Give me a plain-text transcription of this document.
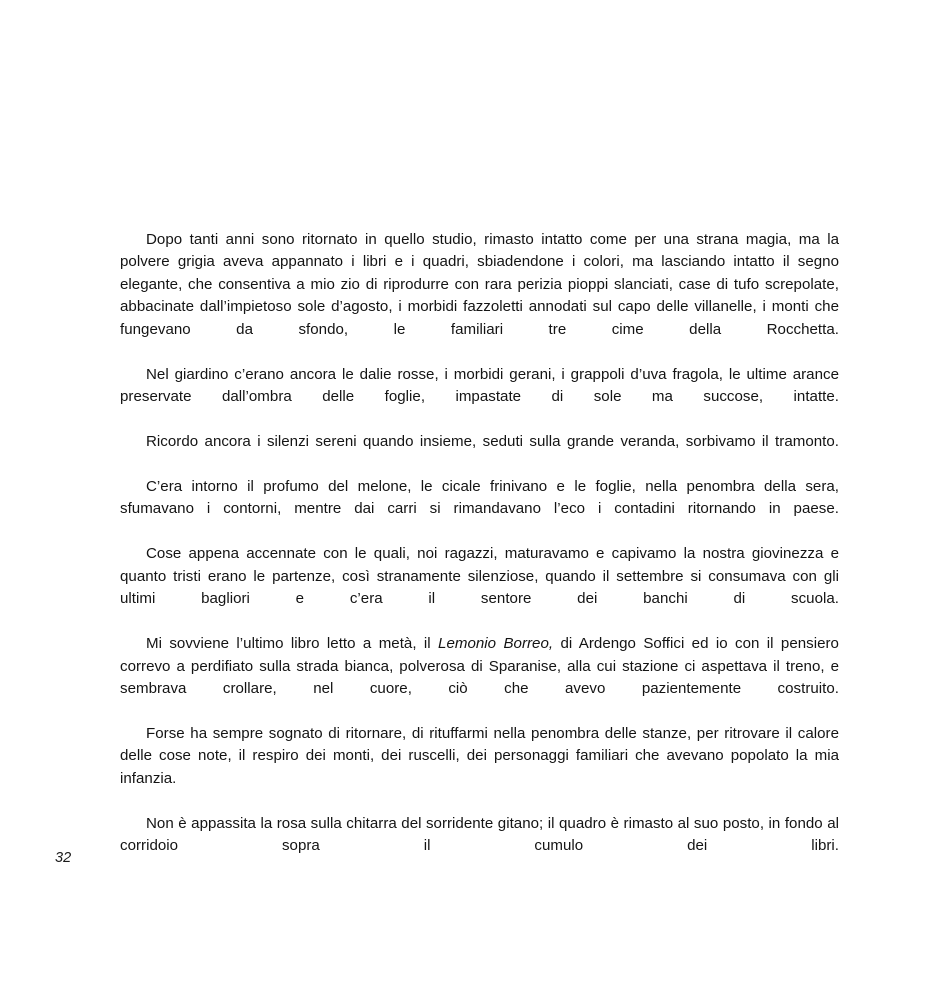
Dopo tanti anni sono ritornato in quello studio, rimasto intatto come per una strana magia, ma la polvere grigia aveva appannato i libri e i quadri, sbiadendone i colori, ma lasciando intatto il segno elegante, che consentiva a mio zio di riprodurre con rara perizia pioppi slanciati, case di tufo screpolate, abbacinate dall’impietoso sole d’agosto, i morbidi fazzoletti annodati sul capo delle villanelle, i monti che fungevano da sfondo, le familiari tre cime della Rocchetta.

Nel giardino c’erano ancora le dalie rosse, i morbidi gerani, i grappoli d’uva fragola, le ultime arance preservate dall’ombra delle foglie, impastate di sole ma succose, intatte.

Ricordo ancora i silenzi sereni quando insieme, seduti sulla grande veranda, sorbivamo il tramonto.

C’era intorno il profumo del melone, le cicale frinivano e le foglie, nella penombra della sera, sfumavano i contorni, mentre dai carri si rimandavano l’eco i contadini ritornando in paese.

Cose appena accennate con le quali, noi ragazzi, maturavamo e capivamo la nostra giovinezza e quanto tristi erano le partenze, così stranamente silenziose, quando il settembre si consumava con gli ultimi bagliori e c’era il sentore dei banchi di scuola.

Mi sovviene l’ultimo libro letto a metà, il Lemonio Borreo, di Ardengo Soffici ed io con il pensiero correvo a perdifiato sulla strada bianca, polverosa di Sparanise, alla cui stazione ci aspettava il treno, e sembrava crollare, nel cuore, ciò che avevo pazientemente costruito.

Forse ha sempre sognato di ritornare, di rituffarmi nella penombra delle stanze, per ritrovare il calore delle cose note, il respiro dei monti, dei ruscelli, dei personaggi familiari che avevano popolato la mia infanzia.

Non è appassita la rosa sulla chitarra del sorridente gitano; il quadro è rimasto al suo posto, in fondo al corridoio sopra il cumulo dei libri.

32
